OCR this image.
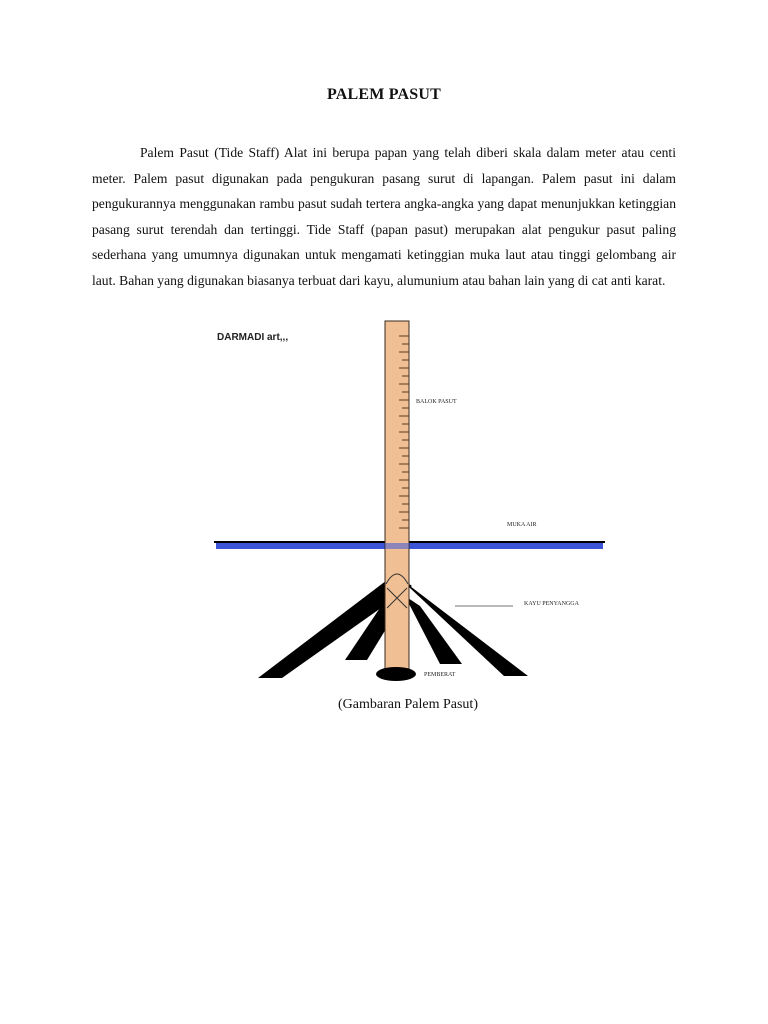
PALEM PASUT

Palem Pasut (Tide Staff) Alat ini berupa papan yang telah diberi skala dalam meter atau centi meter. Palem pasut digunakan pada pengukuran pasang surut di lapangan. Palem pasut ini dalam pengukurannya menggunakan rambu pasut sudah tertera angka-angka yang dapat menunjukkan ketinggian pasang surut terendah dan tertinggi. Tide Staff (papan pasut) merupakan alat pengukur pasut paling sederhana yang umumnya digunakan untuk mengamati ketinggian muka laut atau tinggi gelombang air laut. Bahan yang digunakan biasanya terbuat dari kayu, alumunium atau bahan lain yang di cat anti karat.

DARMADI art,,,
BALOK PASUT
MUKA AIR
KAYU PENYANGGA
PEMBERAT
(Gambaran Palem Pasut)
